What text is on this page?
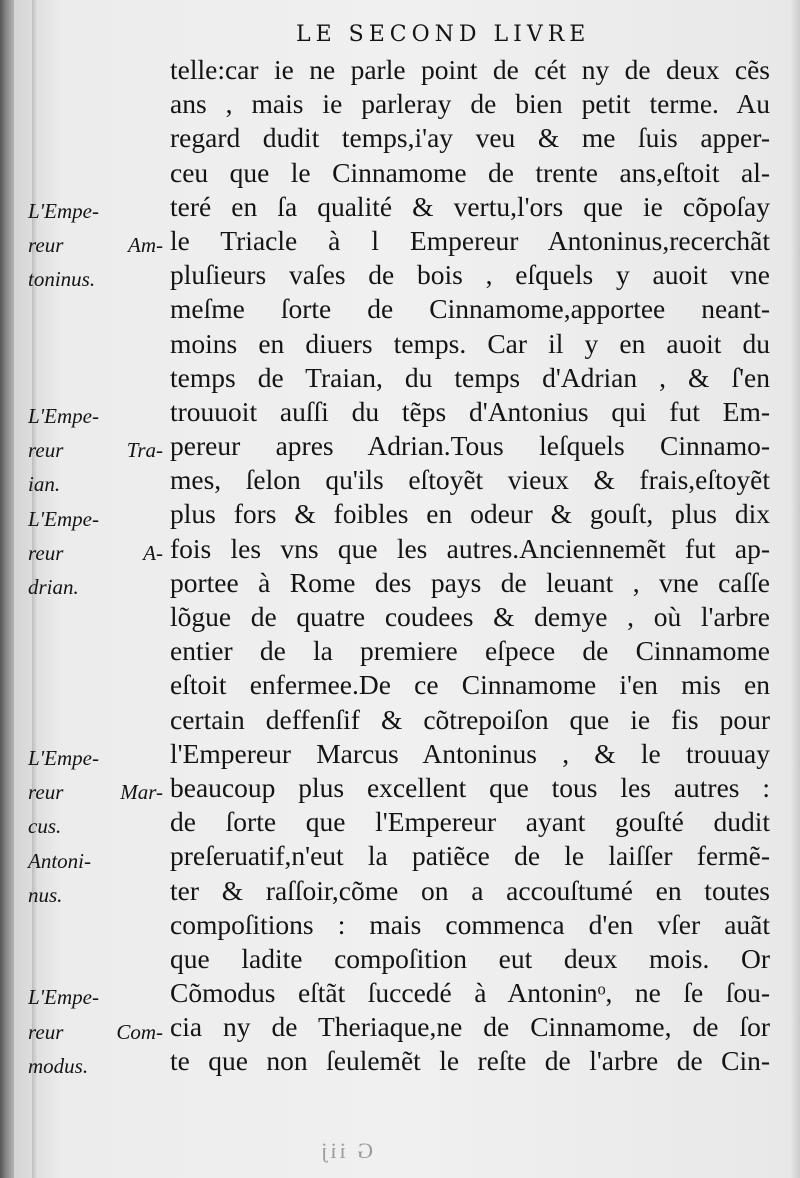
LE SECOND LIVRE
telle:car ie ne parle point de cét ny de deux cẽs
ans , mais ie parleray de bien petit terme. Au
regard dudit temps,i'ay veu & me ſuis appe⁠r-
ceu que le Cinnamome de trente ans,eſtoit al-
teré en ſa qualité & vertu,l'ors que ie cõpoſay
le Triacle à l Empereur Antoninus,recerchãt
pluſieurs vaſes de bois , eſquels y auoit vne
meſme ſorte de Cinnamome,apportee neant-
moins en diuers temps. Car il y en auoit du
temps de Traian, du temps d'Adrian , & ſ'en
trouuoit auſſi du tẽps d'Antonius qui fut Em-
pereur apres Adrian.Tous leſquels Cinnamo-
mes, ſelon qu'ils eſtoyẽt vieux & frais,eſtoyẽt
plus fors & foibles en odeur & gouſt, plus dix
fois les vns que les autres.Anciennemẽt fut ap-
portee à Rome des pays de leuant , vne caſſe
lõgue de quatre coudees & demye , où l'arbre
entier de la premiere eſpece de Cinnamome
eſtoit enfermee.De ce Cinnamome i'en mis en
certain deffenſif & cõtrepoiſon que ie fis pour
l'Empereur Marcus Antoninus , & le trouuay
beaucoup plus excellent que tous les autres :
de ſorte que l'Empereur ayant gouſté dudit
preſeruatif,n'eut la patiẽce de le laiſſer fermẽ-
ter & raſſoir,cõme on a accouſtumé en toutes
compoſitions : mais commenca d'en vſer auãt
que ladite compoſition eut deux mois. Or
Cõmodus eſtãt ſuccedé à Antoninᵒ, ne ſe ſou-
cia ny de Theriaque,ne de Cinnamome, de ſor
te que non ſeulemẽt le reſte de l'arbre de Cin-
L'Empe-
reur Am-
toninus.
L'Empe-
reur Tra-
ian.
L'Empe-
reur A-
drian.
L'Empe-
reur Mar-
cus.
Antoni-
nus.
L'Empe-
reur Com-
modus.
G iij
